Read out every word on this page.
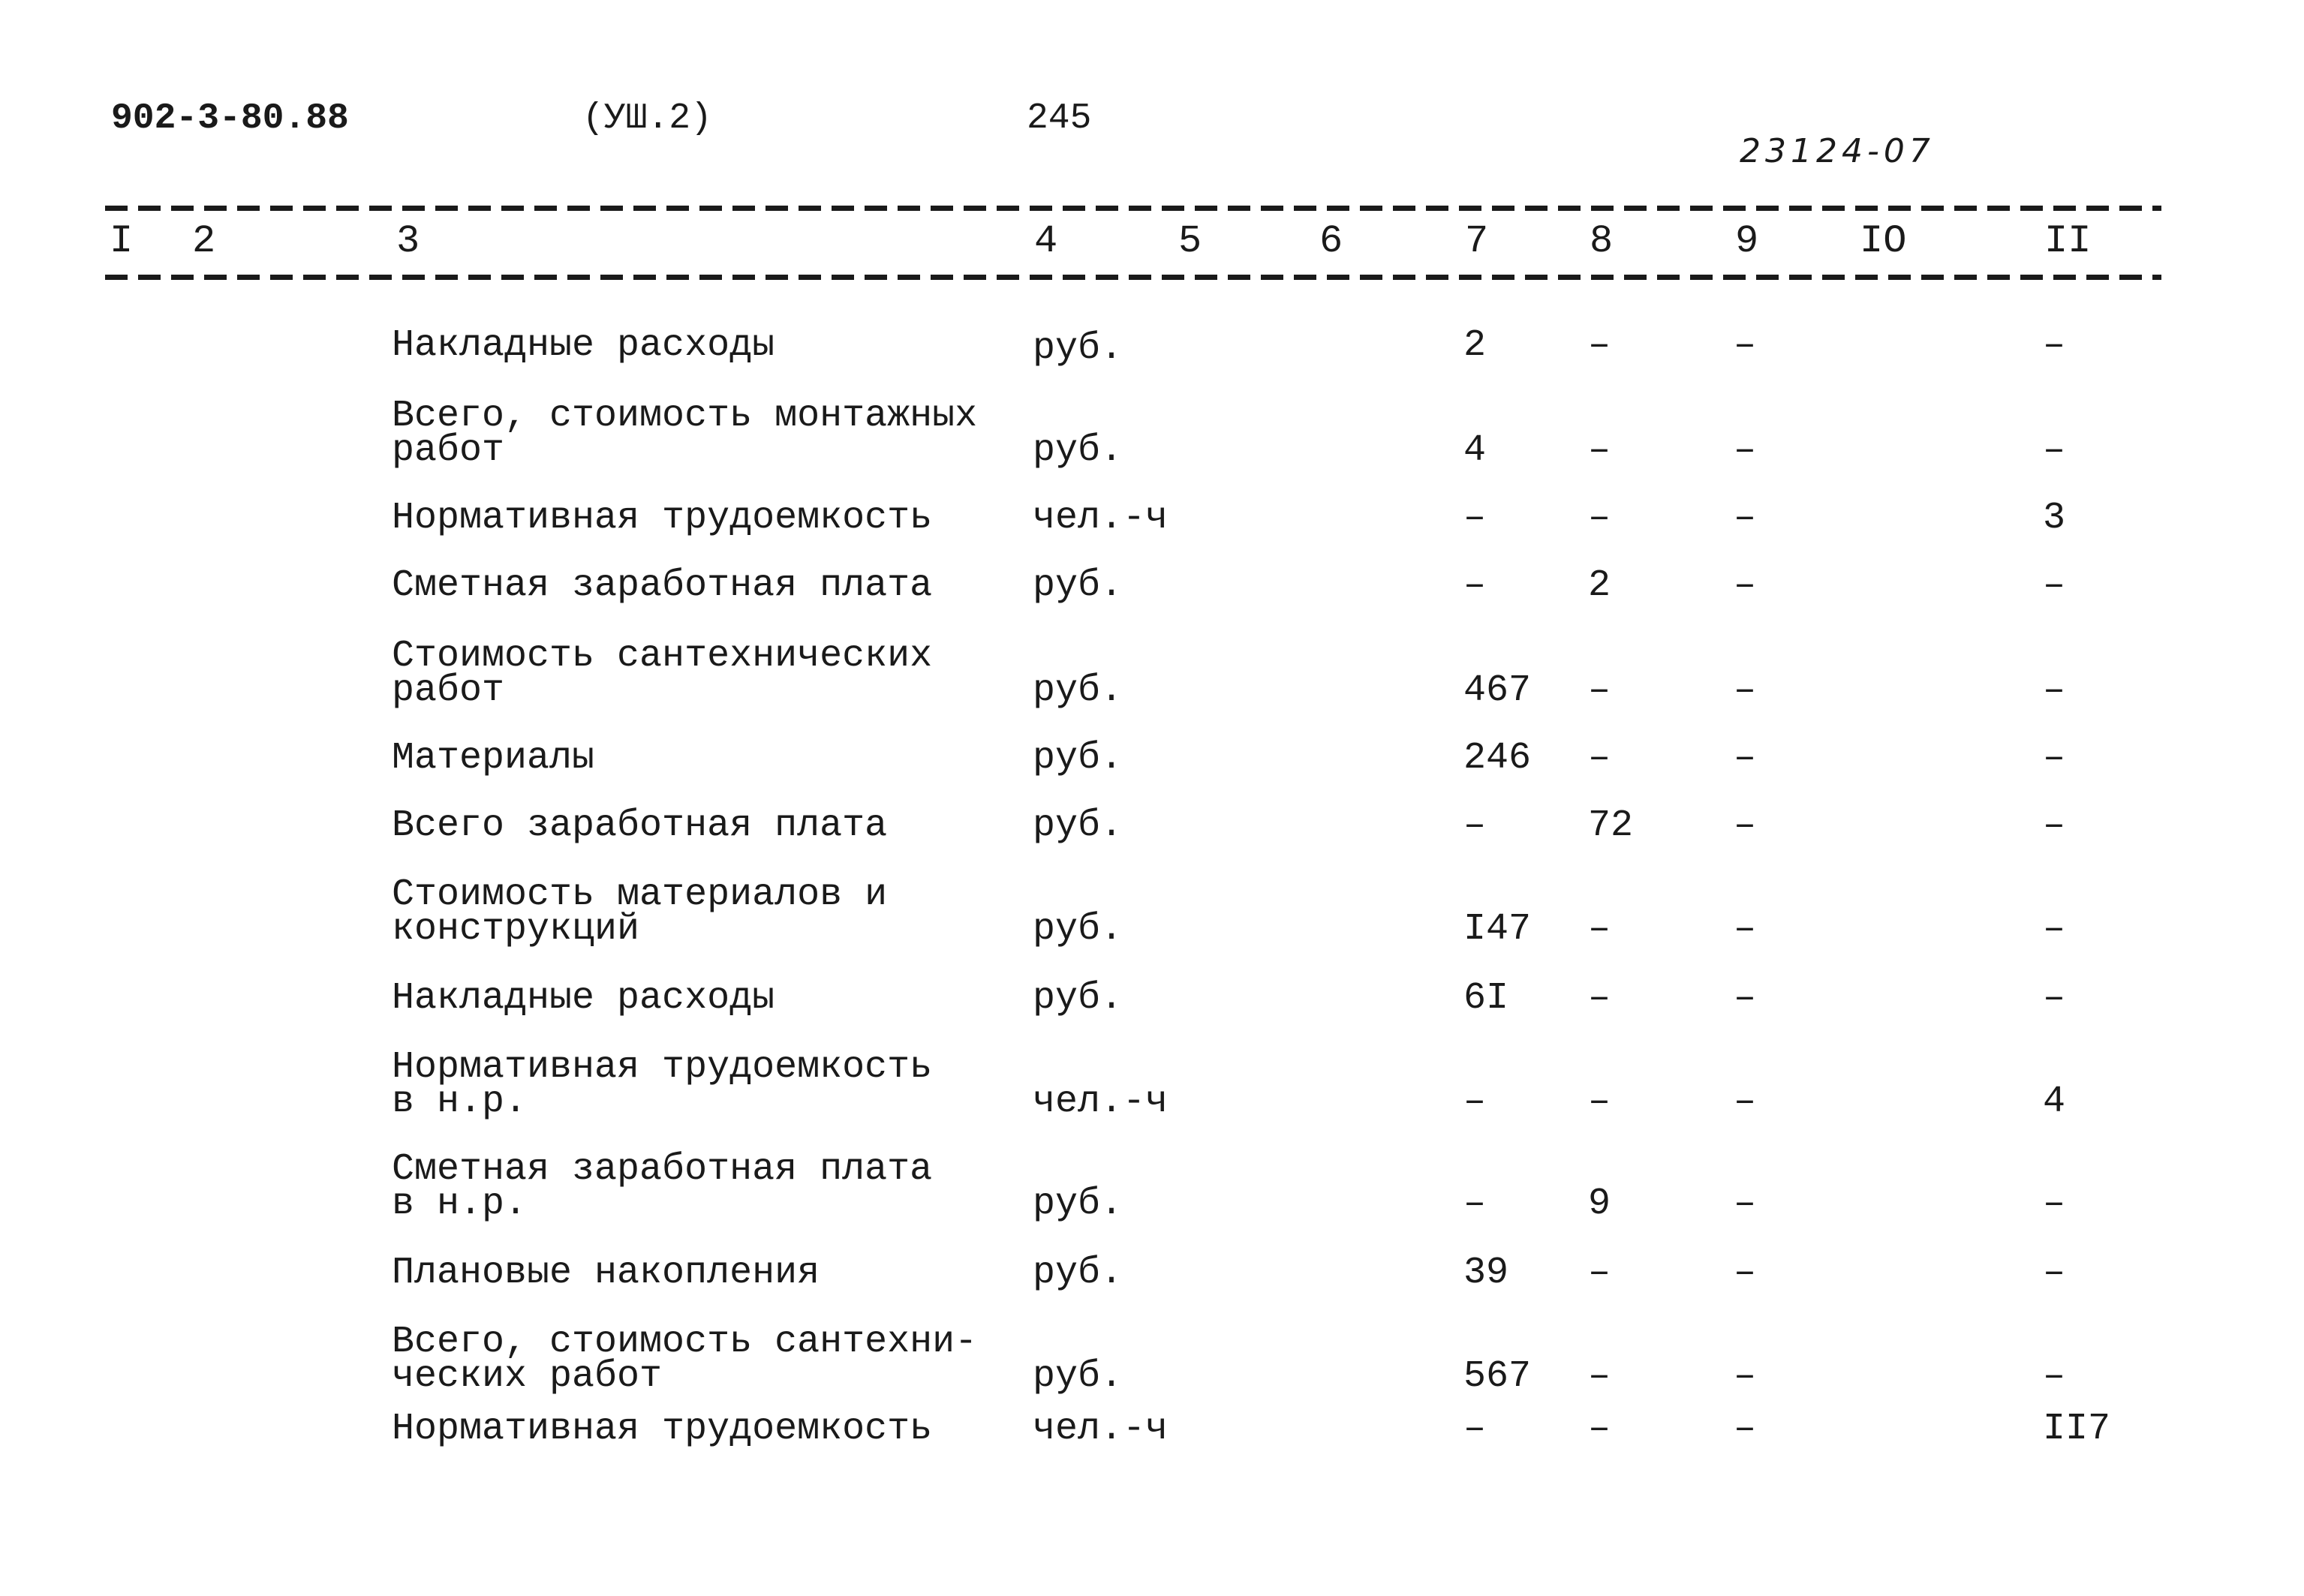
902-3-80.88	(УШ.2)	245
23124-07
I 2	3	4	5	6	7	8	9	IO	II
Накладные расходы	руб.	2	–	–	–
Всего, стоимость монтажных
работ	руб.	4	–	–	–
Нормативная трудоемкость	чел.-ч	–	–	–	3
Сметная заработная плата	руб.	–	2	–	–
Стоимость сантехнических
работ	руб.	467 –	–	–
Материалы	руб.	246 –	–	–
Всего заработная плата	руб.	–	72	–	–
Стоимость материалов и
конструкций	руб.	I47 –	–	–
Накладные расходы	руб.	6I –	–	–
Нормативная трудоемкость
в н.р.	чел.-ч	–	–	–	4
Сметная заработная плата
в н.р.	руб.	–	9	–	–
Плановые накопления	руб.	39 –	–	–
Всего, стоимость сантехни-
ческих работ	руб.	567 –	–	–
Нормативная трудоемкость	чел.-ч	–	–	–	II7
